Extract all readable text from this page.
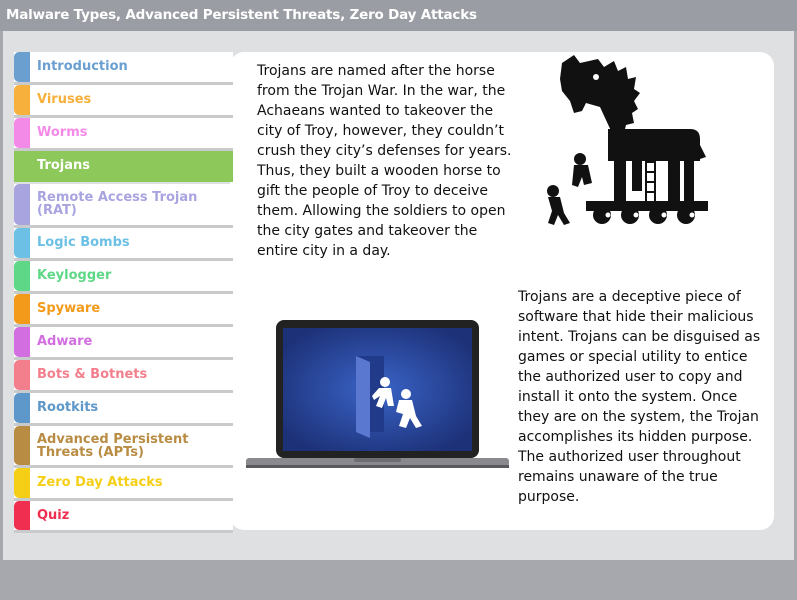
Malware Types, Advanced Persistent Threats, Zero Day Attacks
Introduction
Viruses
Worms
Trojans
Remote Access Trojan (RAT)
Logic Bombs
Keylogger
Spyware
Adware
Bots & Botnets
Rootkits
Advanced Persistent Threats (APTs)
Zero Day Attacks
Quiz
Trojans are named after the horse from the Trojan War. In the war, the Achaeans wanted to takeover the city of Troy, however, they couldn’t crush they city’s defenses for years. Thus, they built a wooden horse to gift the people of Troy to deceive them. Allowing the soldiers to open the city gates and takeover the entire city in a day.
Trojans are a deceptive piece of software that hide their malicious intent. Trojans can be disguised as games or special utility to entice the authorized user to copy and install it onto the system. Once they are on the system, the Trojan accomplishes its hidden purpose. The authorized user throughout remains unaware of the true purpose.
